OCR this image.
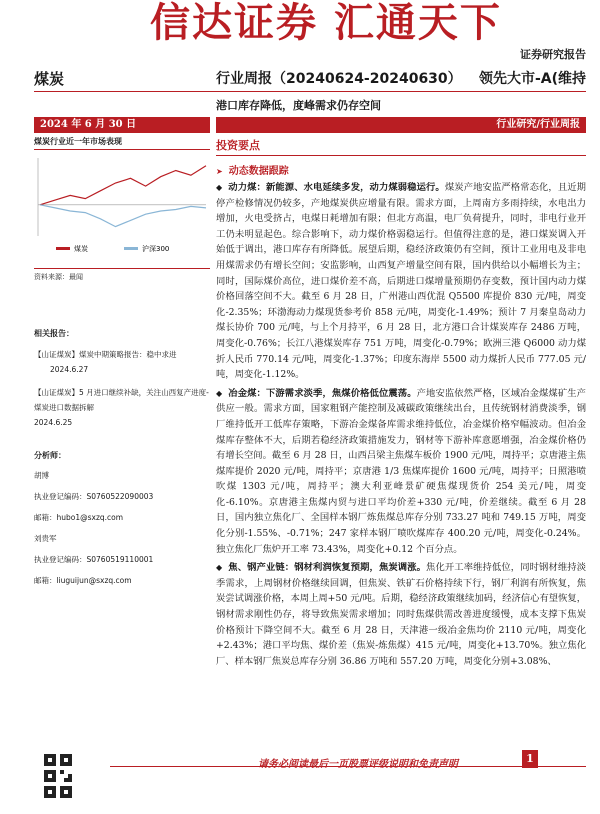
信达证券 汇通天下
证券研究报告
煤炭	行业周报（20240624-20240630） 领先大市-A(维持
港口库存降低，度峰需求仍存空间
2024 年 6 月 30 日	行业研究/行业周报
煤炭行业近一年市场表现
煤炭	沪深300
资料来源：最闻
相关报告：
【山证煤炭】煤炭中期策略报告：稳中求进2024.6.27
【山证煤炭】5 月进口继续补缺，关注山西复产进度-煤炭进口数据拆解
2024.6.25
分析师：
胡博
执业登记编码：S0760522090003
邮箱：hubo1@sxzq.com
刘贵军
执业登记编码：S0760519110001
邮箱：liuguijun@sxzq.com
投资要点
➤ 动态数据跟踪

◆ 动力煤：新能源、水电延续多发，动力煤弱稳运行。煤炭产地安监严格常态化，且近期停产检修情况仍较多，产地煤炭供应增量有限。需求方面，上周南方多雨持续，水电出力增加，火电受挤占，电煤日耗增加有限；但北方高温，电厂负荷提升，同时，非电行业开工仍未明显起色。综合影响下，动力煤价格弱稳运行。但值得注意的是，港口煤炭调入开始低于调出，港口库存有所降低。展望后期，稳经济政策仍有空间，预计工业用电及非电用煤需求仍有增长空间；安监影响，山西复产增量空间有限，国内供给以小幅增长为主；同时，国际煤价高位，进口煤价差不高，后期进口煤增量预期仍存变数，预计国内动力煤价格回落空间不大。截至 6 月 28 日，广州港山西优混 Q5500 库提价 830 元/吨，周变化-2.35%；环渤海动力煤现货参考价 858 元/吨，周变化-1.49%；预计 7 月秦皇岛动力煤长协价 700 元/吨，与上个月持平，6 月 28 日，北方港口合计煤炭库存 2486 万吨，周变化-0.76%；长江八港煤炭库存 751 万吨，周变化-0.79%；欧洲三港 Q6000 动力煤折人民币 770.14 元/吨，周变化-1.37%；印度东海岸 5500 动力煤折人民币 777.05 元/吨，周变化-1.12%。

◆ 冶金煤：下游需求淡季，焦煤价格低位震荡。产地安监依然严格，区域冶金煤煤矿生产供应一般。需求方面，国家粗钢产能控制及减碳政策继续出台，且传统钢材消费淡季，钢厂维持低开工低库存策略，下游冶金煤备库需求维持低位，冶金煤价格窄幅波动。但冶金煤库存整体不大，后期若稳经济政策措施发力，钢材等下游补库意愿增强，冶金煤价格仍有增长空间。截至 6 月 28 日，山西吕梁主焦煤车板价 1900 元/吨，周持平；京唐港主焦煤库提价 2020 元/吨，周持平；京唐港 1/3 焦煤库提价 1600 元/吨，周持平；日照港喷吹煤 1303 元/吨，周持平；澳大利亚峰景矿硬焦煤现货价 254 美元/吨，周变化-6.10%。京唐港主焦煤内贸与进口平均价差+330 元/吨，价差继续。截至 6 月 28 日，国内独立焦化厂、全国样本钢厂炼焦煤总库存分别 733.27 吨和 749.15 万吨，周变化分别-1.55%、-0.71%；247 家样本钢厂喷吹煤库存 400.20 元/吨，周变化-0.24%。独立焦化厂焦炉开工率 73.43%，周变化+0.12 个百分点。

◆ 焦、钢产业链：钢材利润恢复预期，焦炭调涨。焦化开工率维持低位，同时钢材维持淡季需求，上周钢材价格继续回调，但焦炭、铁矿石价格持续下行，钢厂利润有所恢复，焦炭尝试调涨价格，本周上周+50 元/吨。后期，稳经济政策继续加码，经济信心有望恢复，钢材需求刚性仍存，将导致焦炭需求增加；同时焦煤供需改善进度缓慢，成本支撑下焦炭价格预计下降空间不大。截至 6 月 28 日，天津港一级冶金焦均价 2110 元/吨，周变化+2.43%；港口平均焦、煤价差（焦炭-炼焦煤）415 元/吨，周变化+13.70%。独立焦化厂、样本钢厂焦炭总库存分别 36.86 万吨和 557.20 万吨，周变化分别+3.08%、

请务必阅读最后一页股票评级说明和免责声明	1
